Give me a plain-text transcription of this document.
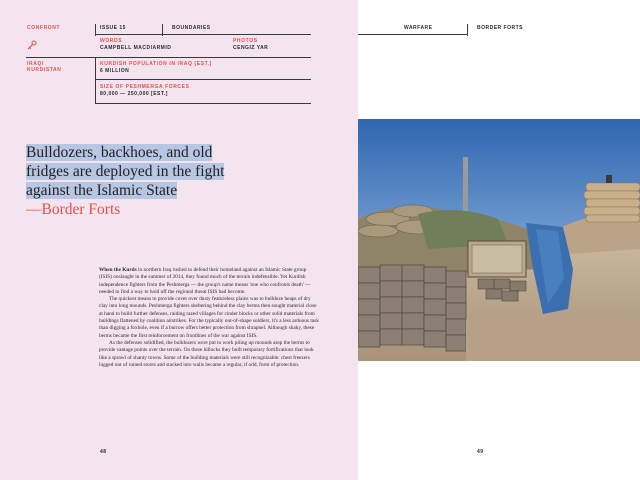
CONFRONT	ISSUE 15	BOUNDARIES
WORDS
CAMPBELL MACDIARMID
PHOTOS
CENGIZ YAR
IRAQI
KURDISTAN
KURDISH POPULATION IN IRAQ [EST.]
6 MILLION
SIZE OF PESHMERGA FORCES
80,000 — 250,000 [EST.]
Bulldozers, backhoes, and old
fridges are deployed in the fight
against the Islamic State
—Border Forts

When the Kurds in northern Iraq rushed to defend their homeland against an Islamic State group (ISIS) onslaught in the summer of 2014, they found much of the terrain indefensible. Yet Kurdish independence fighters from the Peshmerga — the group's name means 'one who confronts death' — needed to find a way to hold off the regional threat ISIS had become.

The quickest means to provide cover over dusty featureless plains was to bulldoze heaps of dry clay into long mounds. Peshmerga fighters sheltering behind the clay berms then sought material close at hand to build further defenses, raiding razed villages for cinder blocks or other solid materials from buildings flattened by coalition airstrikes. For the typically out-of-shape soldiers, it's a less arduous task than digging a foxhole, even if a burrow offers better protection from shrapnel. Although shaky, these berms became the first reinforcement on frontlines of the war against ISIS.

As the defenses solidified, the bulldozers were put to work piling up mounds atop the berms to provide vantage points over the terrain. On these hillocks they built temporary fortifications that look like a sprawl of shanty towns. Some of the building materials were still recognizable: chest freezers lugged out of ruined stores and stacked into walls became a regular, if odd, form of protection.

48
WARFARE	BORDER FORTS
49
